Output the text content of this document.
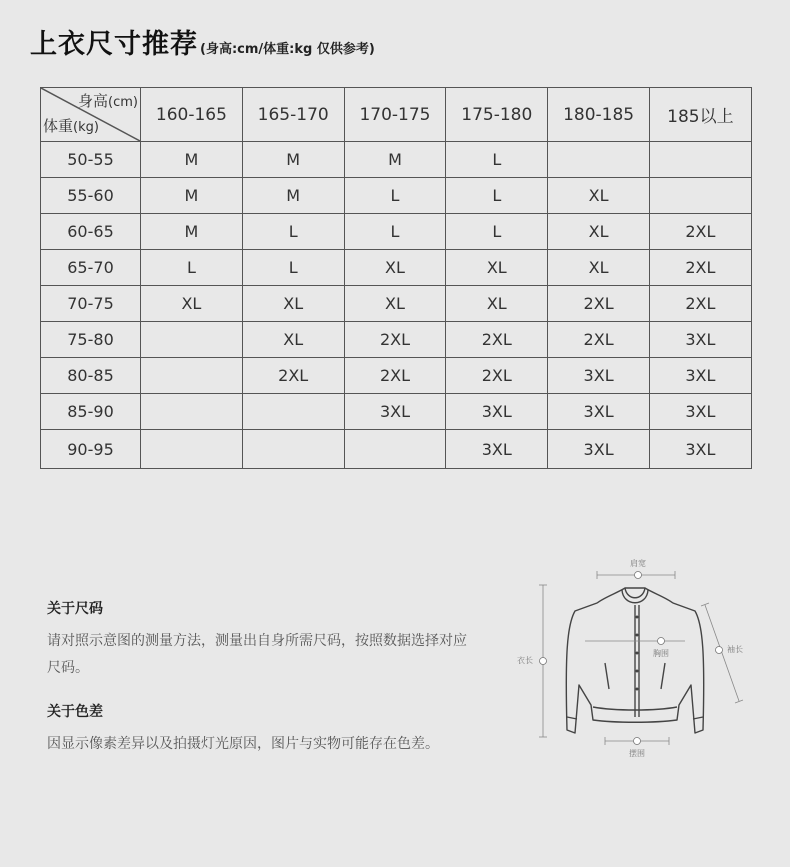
上衣尺寸推荐 (身高:cm/体重:kg 仅供参考)
身高(cm)
体重(kg)	160-165	165-170	170-175	175-180	180-185	185以上
50-55	M	M	M	L		
55-60	M	M	L	L	XL	
60-65	M	L	L	L	XL	2XL
65-70	L	L	XL	XL	XL	2XL
70-75	XL	XL	XL	XL	2XL	2XL
75-80		XL	2XL	2XL	2XL	3XL
80-85		2XL	2XL	2XL	3XL	3XL
85-90			3XL	3XL	3XL	3XL
90-95				3XL	3XL	3XL
关于尺码

请对照示意图的测量方法，测量出自身所需尺码，按照数据选择对应尺码。

关于色差

因显示像素差异以及拍摄灯光原因，图片与实物可能存在色差。

肩宽
胸围
衣长
袖长
摆围
